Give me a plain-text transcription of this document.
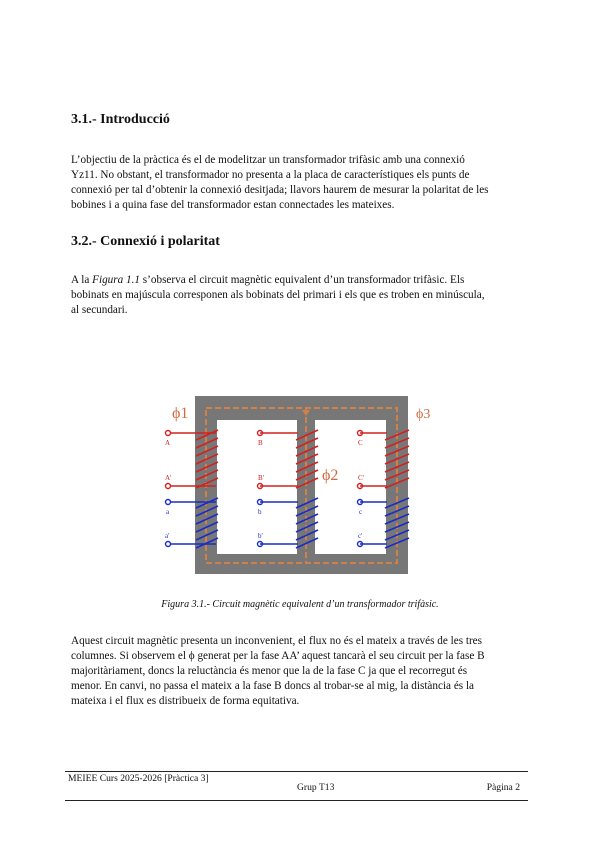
3.1.- Introducció

L’objectiu de la pràctica és el de modelitzar un transformador trifàsic amb una connexió

Yz11. No obstant, el transformador no presenta a la placa de característiques els punts de

connexió per tal d’obtenir la connexió desitjada; llavors haurem de mesurar la polaritat de les

bobines i a quina fase del transformador estan connectades les mateixes.

3.2.- Connexió i polaritat

A la Figura 1.1 s’observa el circuit magnètic equivalent d’un transformador trifàsic. Els

bobinats en majúscula corresponen als bobinats del primari i els que es troben en minúscula,

al secundari.

A
A'
B
B'
C
C'
a
a'
b
b'
c
c'
ϕ1
ϕ2
ϕ3
Figura 3.1.- Circuit magnètic equivalent d’un transformador trifàsic.

Aquest circuit magnètic presenta un inconvenient, el flux no és el mateix a través de les tres

columnes. Si observem el ϕ generat per la fase AA’ aquest tancarà el seu circuit per la fase B

majoritàriament, doncs la reluctància és menor que la de la fase C ja que el recorregut és

menor. En canvi, no passa el mateix a la fase B doncs al trobar-se al mig, la distància és la

mateixa i el flux es distribueix de forma equitativa.

MEIEE Curs 2025-2026 [Pràctica 3]
Grup T13	Pàgina 2
